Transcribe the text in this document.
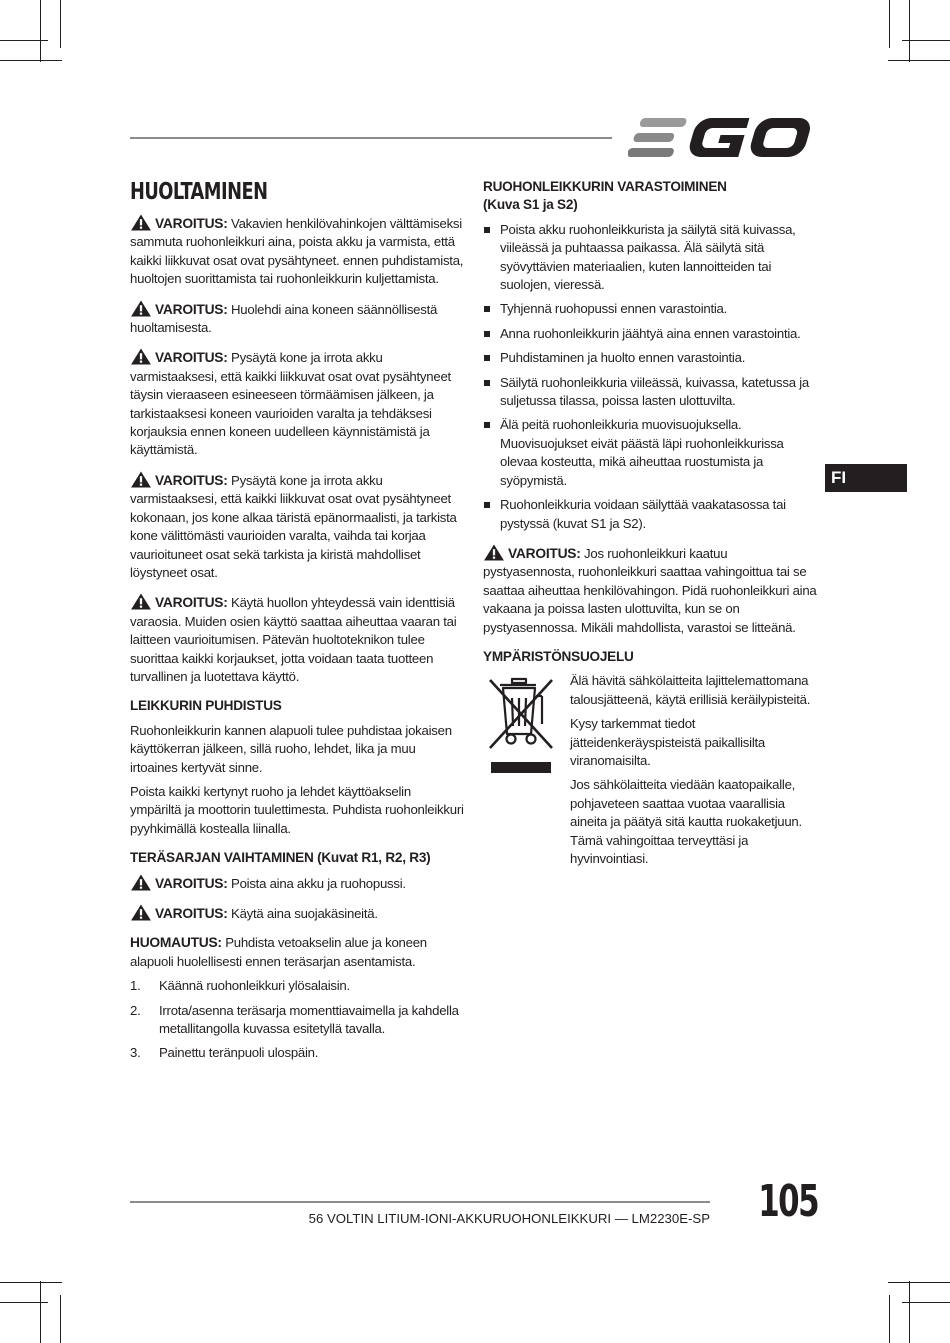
FI
HUOLTAMINEN

VAROITUS: Vakavien henkilövahinkojen välttämiseksi sammuta ruohonleikkuri aina, poista akku ja varmista, että kaikki liikkuvat osat ovat pysähtyneet. ennen puhdistamista, huoltojen suorittamista tai ruohonleikkurin kuljettamista.

VAROITUS: Huolehdi aina koneen säännöllisestä huoltamisesta.

VAROITUS: Pysäytä kone ja irrota akku varmistaaksesi, että kaikki liikkuvat osat ovat pysähtyneet täysin vieraaseen esineeseen törmäämisen jälkeen, ja tarkistaaksesi koneen vaurioiden varalta ja tehdäksesi korjauksia ennen koneen uudelleen käynnistämistä ja käyttämistä.

VAROITUS: Pysäytä kone ja irrota akku varmistaaksesi, että kaikki liikkuvat osat ovat pysähtyneet kokonaan, jos kone alkaa täristä epänormaalisti, ja tarkista kone välittömästi vaurioiden varalta, vaihda tai korjaa vaurioituneet osat sekä tarkista ja kiristä mahdolliset löystyneet osat.

VAROITUS: Käytä huollon yhteydessä vain identtisiä varaosia. Muiden osien käyttö saattaa aiheuttaa vaaran tai laitteen vaurioitumisen. Pätevän huoltoteknikon tulee suorittaa kaikki korjaukset, jotta voidaan taata tuotteen turvallinen ja luotettava käyttö.

LEIKKURIN PUHDISTUS

Ruohonleikkurin kannen alapuoli tulee puhdistaa jokaisen käyttökerran jälkeen, sillä ruoho, lehdet, lika ja muu irtoaines kertyvät sinne.

Poista kaikki kertynyt ruoho ja lehdet käyttöakselin ympäriltä ja moottorin tuulettimesta. Puhdista ruohonleikkuri pyyhkimällä kostealla liinalla.

TERÄSARJAN VAIHTAMINEN (Kuvat R1, R2, R3)

VAROITUS: Poista aina akku ja ruohopussi.

VAROITUS: Käytä aina suojakäsineitä.

HUOMAUTUS: Puhdista vetoakselin alue ja koneen alapuoli huolellisesti ennen teräsarjan asentamista.

1. Käännä ruohonleikkuri ylösalaisin.
2. Irrota/asenna teräsarja momenttiavaimella ja kahdella metallitangolla kuvassa esitetyllä tavalla.
3. Painettu teränpuoli ulospäin.
RUOHONLEIKKURIN VARASTOIMINEN
(Kuva S1 ja S2)
Poista akku ruohonleikkurista ja säilytä sitä kuivassa, viileässä ja puhtaassa paikassa. Älä säilytä sitä syövyttävien materiaalien, kuten lannoitteiden tai suolojen, vieressä.
Tyhjennä ruohopussi ennen varastointia.
Anna ruohonleikkurin jäähtyä aina ennen varastointia.
Puhdistaminen ja huolto ennen varastointia.
Säilytä ruohonleikkuria viileässä, kuivassa, katetussa ja suljetussa tilassa, poissa lasten ulottuvilta.
Älä peitä ruohonleikkuria muovisuojuksella. Muovisuojukset eivät päästä läpi ruohonleikkurissa olevaa kosteutta, mikä aiheuttaa ruostumista ja syöpymistä.
Ruohonleikkuria voidaan säilyttää vaakatasossa tai pystyssä (kuvat S1 ja S2).

VAROITUS: Jos ruohonleikkuri kaatuu pystyasennosta, ruohonleikkuri saattaa vahingoittua tai se saattaa aiheuttaa henkilövahingon. Pidä ruohonleikkuri aina vakaana ja poissa lasten ulottuvilta, kun se on pystyasennossa. Mikäli mahdollista, varastoi se litteänä.

YMPÄRISTÖNSUOJELU

Älä hävitä sähkölaitteita lajittelemattomana talousjätteenä, käytä erillisiä keräilypisteitä.

Kysy tarkemmat tiedot jätteidenkeräyspisteistä paikallisilta viranomaisilta.

Jos sähkölaitteita viedään kaatopaikalle, pohjaveteen saattaa vuotaa vaarallisia aineita ja päätyä sitä kautta ruokaketjuun. Tämä vahingoittaa terveyttäsi ja hyvinvointiasi.

56 VOLTIN LITIUM-IONI-AKKURUOHONLEIKKURI — LM2230E-SP	105
